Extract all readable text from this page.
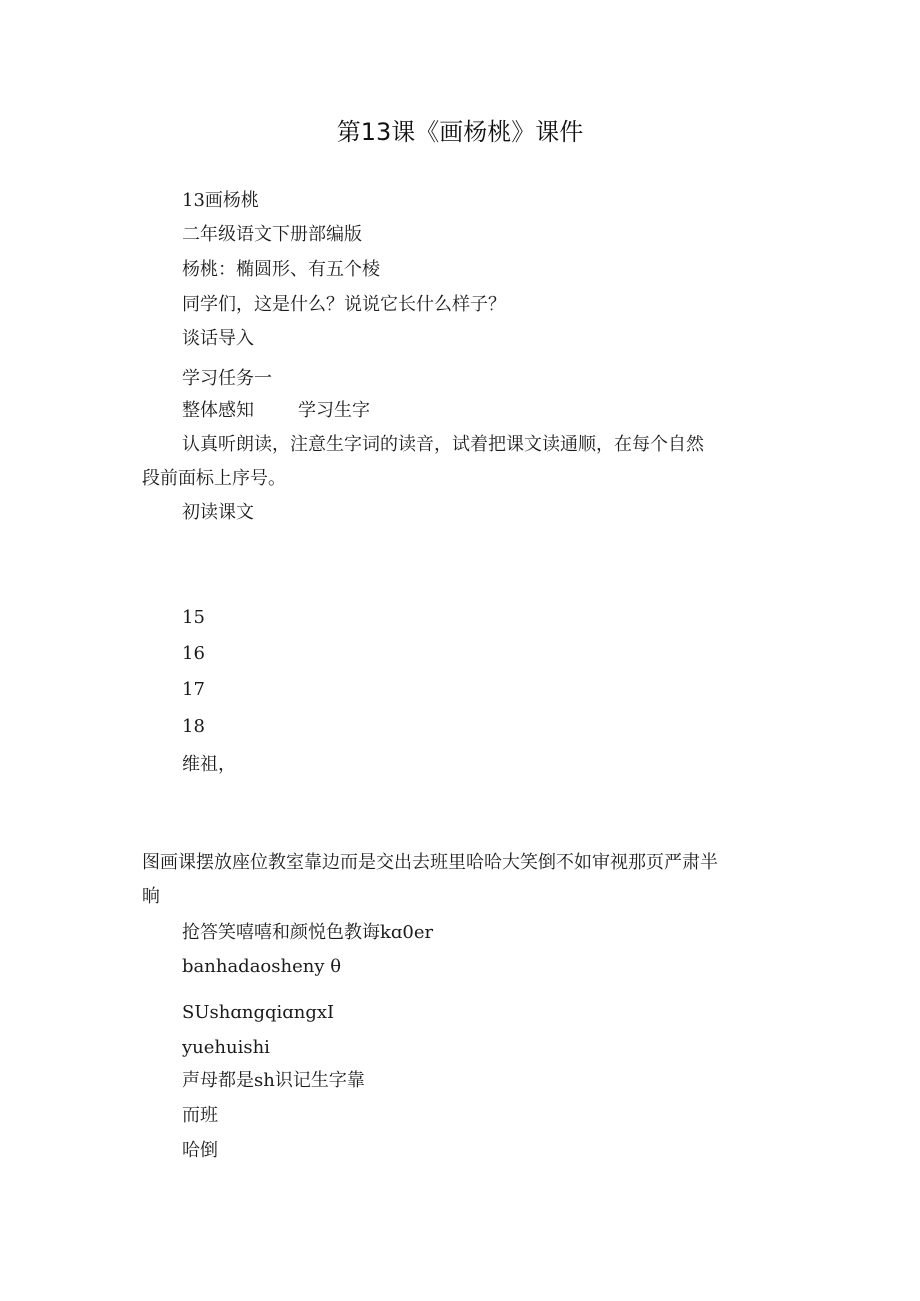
第13课《画杨桃》课件

13画杨桃

二年级语文下册部编版

杨桃：椭圆形、有五个棱

同学们，这是什么？说说它长什么样子？

谈话导入

学习任务一

整体感知 学习生字

认真听朗读，注意生字词的读音，试着把课文读通顺，在每个自然

段前面标上序号。

初读课文

15

16

17

18

维祖，

图画课摆放座位教室靠边而是交出去班里哈哈大笑倒不如审视那页严肃半

晌

抢答笑嘻嘻和颜悦色教诲kɑ0er

banhadaosheny θ

SUshɑngqiɑngxI

yuehuishi

声母都是sh识记生字靠

而班

哈倒
